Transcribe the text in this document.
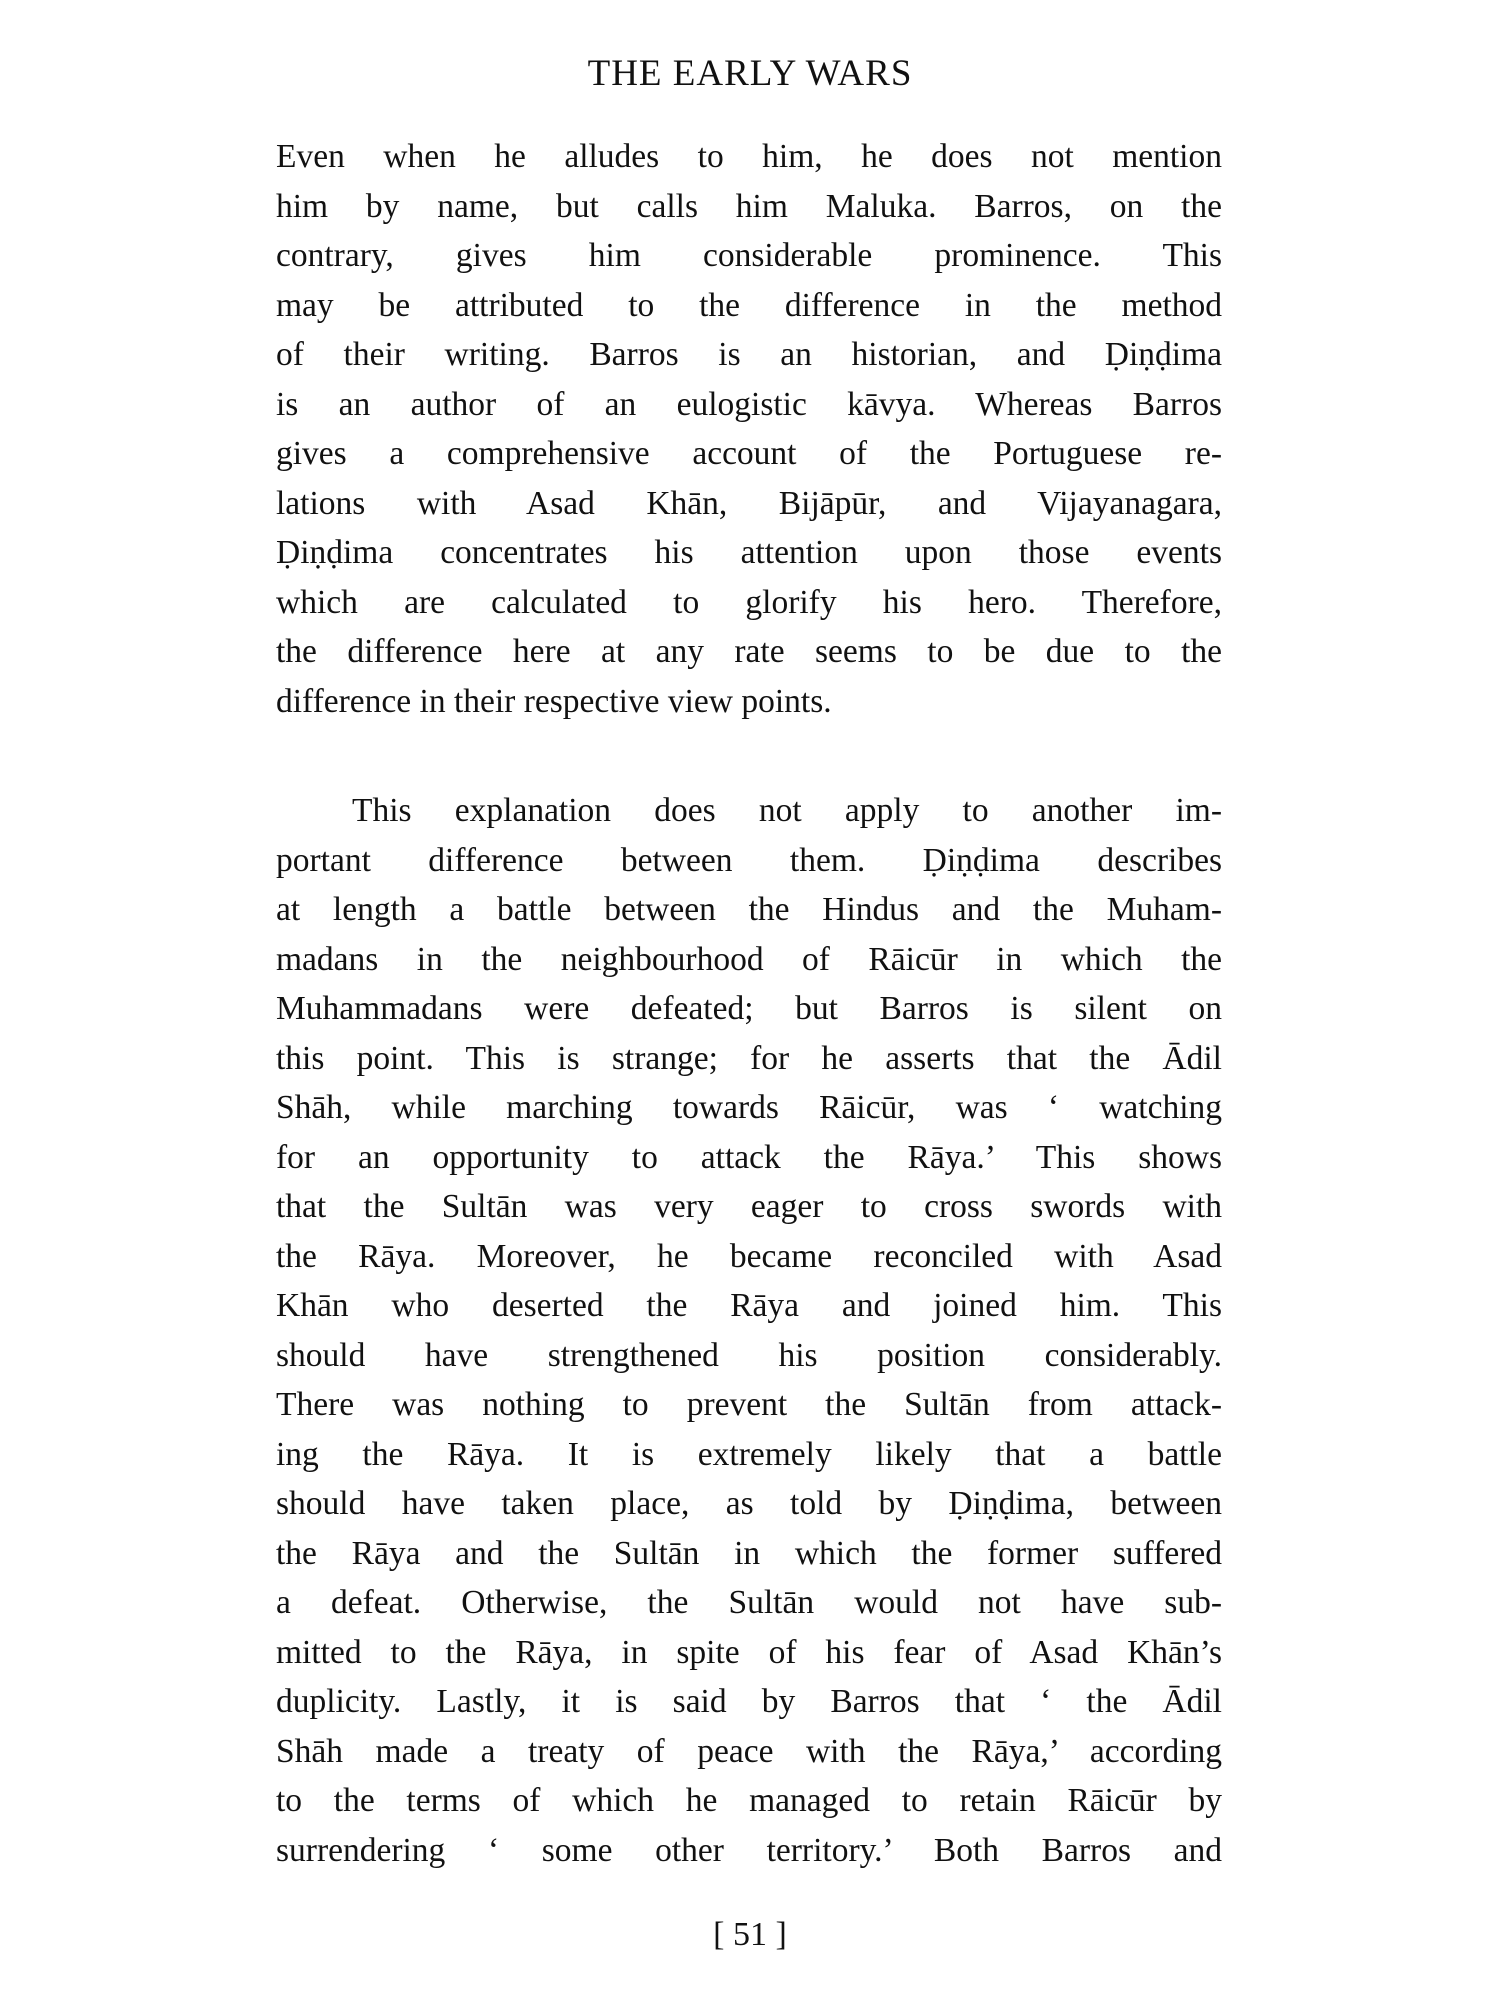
THE EARLY WARS
Even when he alludes to him, he does not mention
him by name, but calls him Maluka. Barros, on the
contrary, gives him considerable prominence. This
may be attributed to the difference in the method
of their writing. Barros is an historian, and Ḍiṇḍima
is an author of an eulogistic kāvya. Whereas Barros
gives a comprehensive account of the Portuguese re-
lations with Asad Khān, Bijāpūr, and Vijayanagara,
Ḍiṇḍima concentrates his attention upon those events
which are calculated to glorify his hero. Therefore,
the difference here at any rate seems to be due to the
difference in their respective view points.
This explanation does not apply to another im-
portant difference between them. Ḍiṇḍima describes
at length a battle between the Hindus and the Muham-
madans in the neighbourhood of Rāicūr in which the
Muhammadans were defeated; but Barros is silent on
this point. This is strange; for he asserts that the Ādil
Shāh, while marching towards Rāicūr, was ‘ watching
for an opportunity to attack the Rāya.’ This shows
that the Sultān was very eager to cross swords with
the Rāya. Moreover, he became reconciled with Asad
Khān who deserted the Rāya and joined him. This
should have strengthened his position considerably.
There was nothing to prevent the Sultān from attack-
ing the Rāya. It is extremely likely that a battle
should have taken place, as told by Ḍiṇḍima, between
the Rāya and the Sultān in which the former suffered
a defeat. Otherwise, the Sultān would not have sub-
mitted to the Rāya, in spite of his fear of Asad Khān’s
duplicity. Lastly, it is said by Barros that ‘ the Ādil
Shāh made a treaty of peace with the Rāya,’ according
to the terms of which he managed to retain Rāicūr by
surrendering ‘ some other territory.’ Both Barros and
[ 51 ]
